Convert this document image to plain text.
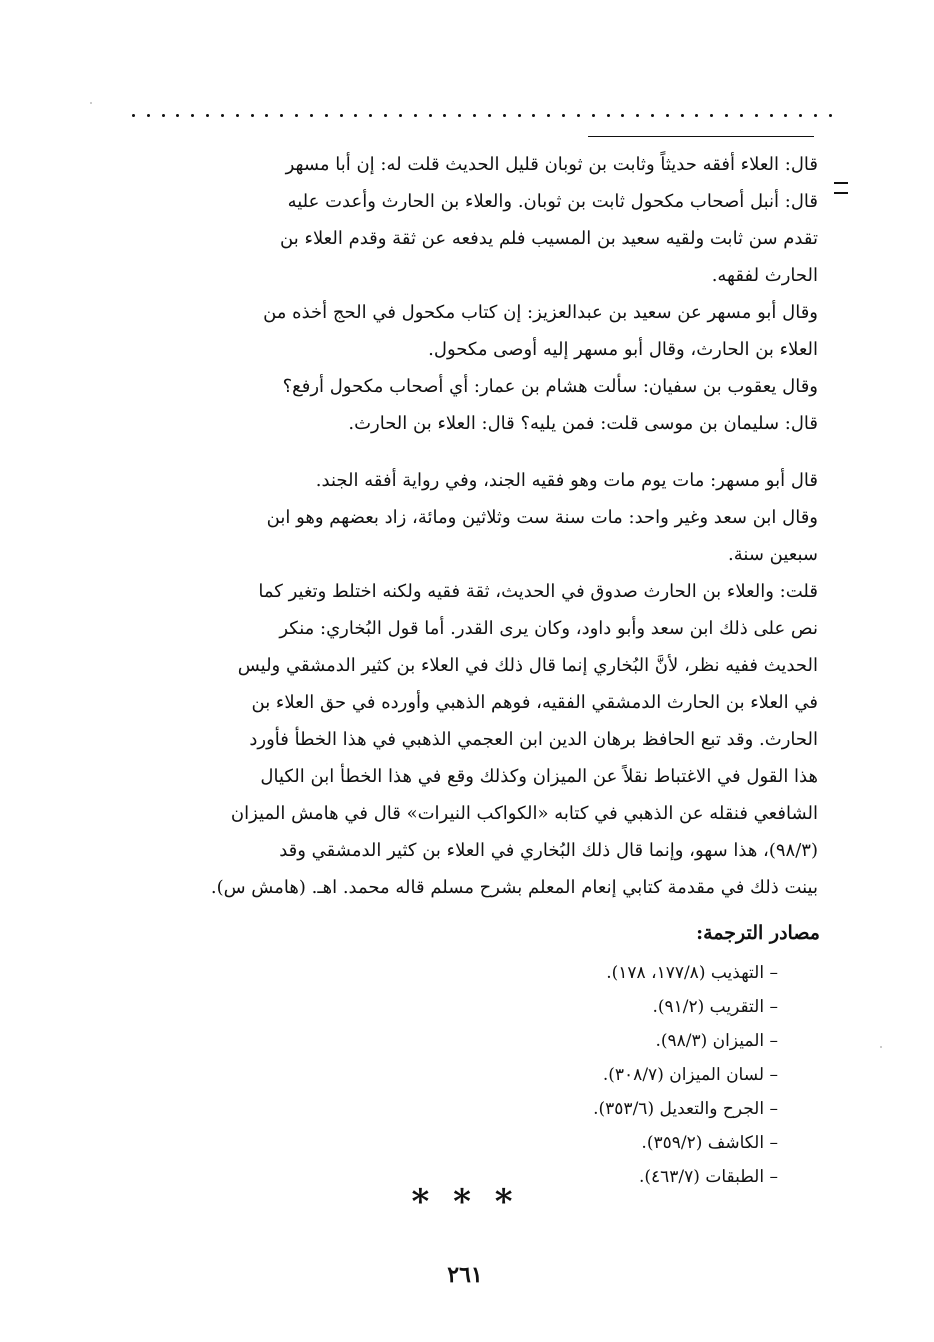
قال: العلاء أفقه حديثاً وثابت بن ثوبان قليل الحديث قلت له: إن أبا مسهر

قال: أنبل أصحاب مكحول ثابت بن ثوبان. والعلاء بن الحارث وأعدت عليه

تقدم سن ثابت ولقيه سعيد بن المسيب فلم يدفعه عن ثقة وقدم العلاء بن

الحارث لفقهه.

وقال أبو مسهر عن سعيد بن عبدالعزيز: إن كتاب مكحول في الحج أخذه من

العلاء بن الحارث، وقال أبو مسهر إليه أوصى مكحول.

وقال يعقوب بن سفيان: سألت هشام بن عمار: أي أصحاب مكحول أرفع؟

قال: سليمان بن موسى قلت: فمن يليه؟ قال: العلاء بن الحارث.

قال أبو مسهر: مات يوم مات وهو فقيه الجند، وفي رواية أفقه الجند.

وقال ابن سعد وغير واحد: مات سنة ست وثلاثين ومائة، زاد بعضهم وهو ابن

سبعين سنة.

قلت: والعلاء بن الحارث صدوق في الحديث، ثقة فقيه ولكنه اختلط وتغير كما

نص على ذلك ابن سعد وأبو داود، وكان يرى القدر. أما قول البُخاري: منكر

الحديث ففيه نظر، لأنَّ البُخاري إنما قال ذلك في العلاء بن كثير الدمشقي وليس

في العلاء بن الحارث الدمشقي الفقيه، فوهم الذهبي وأورده في حق العلاء بن

الحارث. وقد تبع الحافظ برهان الدين ابن العجمي الذهبي في هذا الخطأ فأورد

هذا القول في الاغتباط نقلاً عن الميزان وكذلك وقع في هذا الخطأ ابن الكيال

الشافعي فنقله عن الذهبي في كتابه «الكواكب النيرات» قال في هامش الميزان

(٩٨/٣)، هذا سهو، وإنما قال ذلك البُخاري في العلاء بن كثير الدمشقي وقد

بينت ذلك في مقدمة كتابي إنعام المعلم بشرح مسلم قاله محمد. اهـ. (هامش س).

مصادر الترجمة:
– التهذيب (١٧٧/٨، ١٧٨).
– التقريب (٩١/٢).
– الميزان (٩٨/٣).
– لسان الميزان (٣٠٨/٧).
– الجرح والتعديل (٣٥٣/٦).
– الكاشف (٣٥٩/٢).
– الطبقات (٤٦٣/٧).
* * *
٢٦١
